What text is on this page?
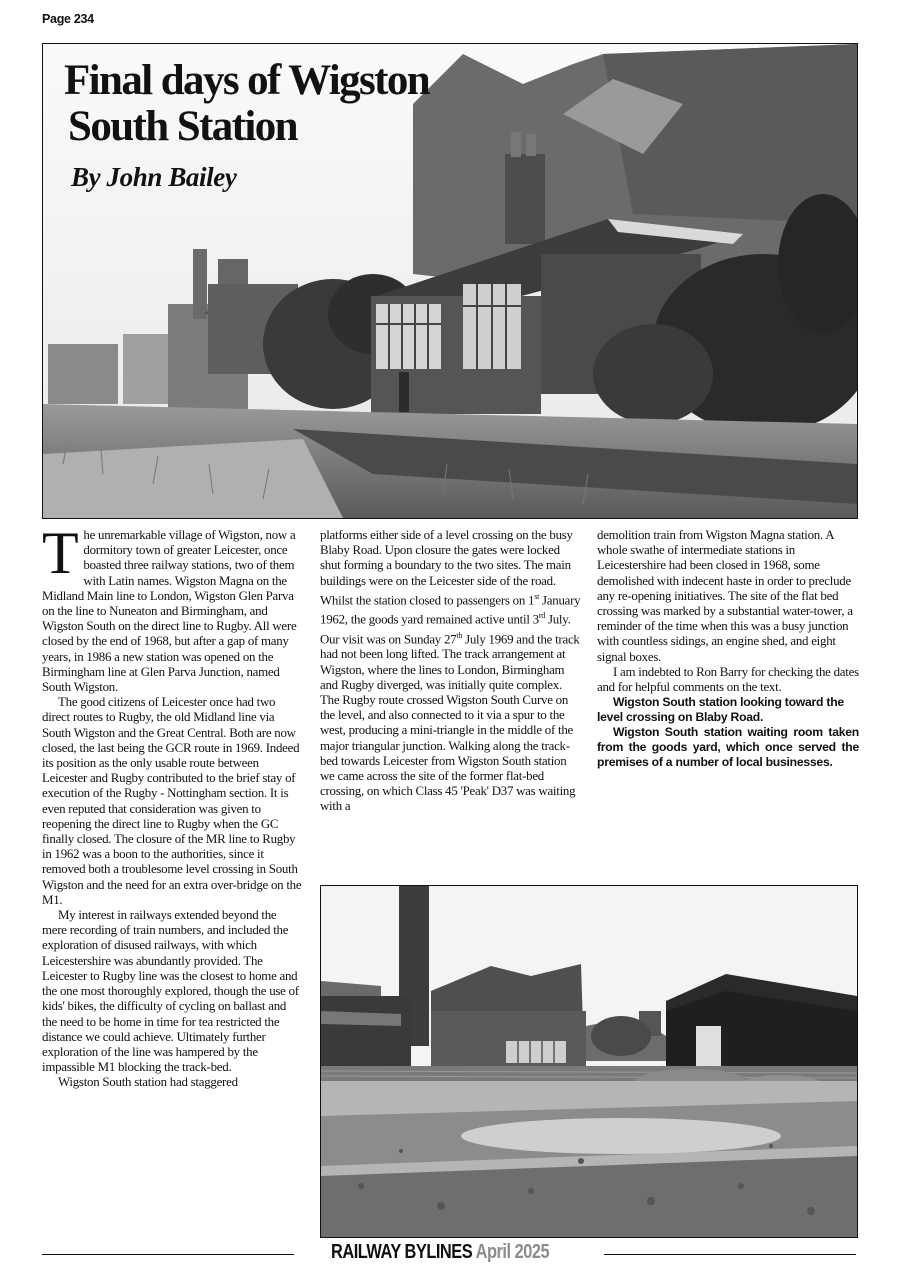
Page 234
Final days of Wigston
South Station
By John Bailey

The unremarkable village of Wigston, now a dormitory town of greater Leicester, once boasted three railway stations, two of them with Latin names. Wigston Magna on the Midland Main line to London, Wigston Glen Parva on the line to Nuneaton and Birmingham, and Wigston South on the direct line to Rugby. All were closed by the end of 1968, but after a gap of many years, in 1986 a new station was opened on the Birmingham line at Glen Parva Junction, named South Wigston.

The good citizens of Leicester once had two direct routes to Rugby, the old Midland line via South Wigston and the Great Central. Both are now closed, the last being the GCR route in 1969. Indeed its position as the only usable route between Leicester and Rugby contributed to the brief stay of execution of the Rugby - Nottingham section. It is even reputed that consideration was given to reopening the direct line to Rugby when the GC finally closed. The closure of the MR line to Rugby in 1962 was a boon to the authorities, since it removed both a troublesome level crossing in South Wigston and the need for an extra over-bridge on the M1.

My interest in railways extended beyond the mere recording of train numbers, and included the exploration of disused railways, with which Leicestershire was abundantly provided. The Leicester to Rugby line was the closest to home and the one most thoroughly explored, though the use of kids' bikes, the difficulty of cycling on ballast and the need to be home in time for tea restricted the distance we could achieve. Ultimately further exploration of the line was hampered by the impassible M1 blocking the track-bed.

Wigston South station had staggered

platforms either side of a level crossing on the busy Blaby Road. Upon closure the gates were locked shut forming a boundary to the two sites. The main buildings were on the Leicester side of the road. Whilst the station closed to passengers on 1st January 1962, the goods yard remained active until 3rd July. Our visit was on Sunday 27th July 1969 and the track had not been long lifted. The track arrangement at Wigston, where the lines to London, Birmingham and Rugby diverged, was initially quite complex. The Rugby route crossed Wigston South Curve on the level, and also connected to it via a spur to the west, producing a mini-triangle in the middle of the major triangular junction. Walking along the track-bed towards Leicester from Wigston South station we came across the site of the former flat-bed crossing, on which Class 45 'Peak' D37 was waiting with a

demolition train from Wigston Magna station. A whole swathe of intermediate stations in Leicestershire had been closed in 1968, some demolished with indecent haste in order to preclude any re-opening initiatives. The site of the flat bed crossing was marked by a substantial water-tower, a reminder of the time when this was a busy junction with countless sidings, an engine shed, and eight signal boxes.

I am indebted to Ron Barry for checking the dates and for helpful comments on the text.

Wigston South station looking toward the level crossing on Blaby Road.

Wigston South station waiting room taken from the goods yard, which once served the premises of a number of local businesses.

RAILWAY BYLINES April 2025
